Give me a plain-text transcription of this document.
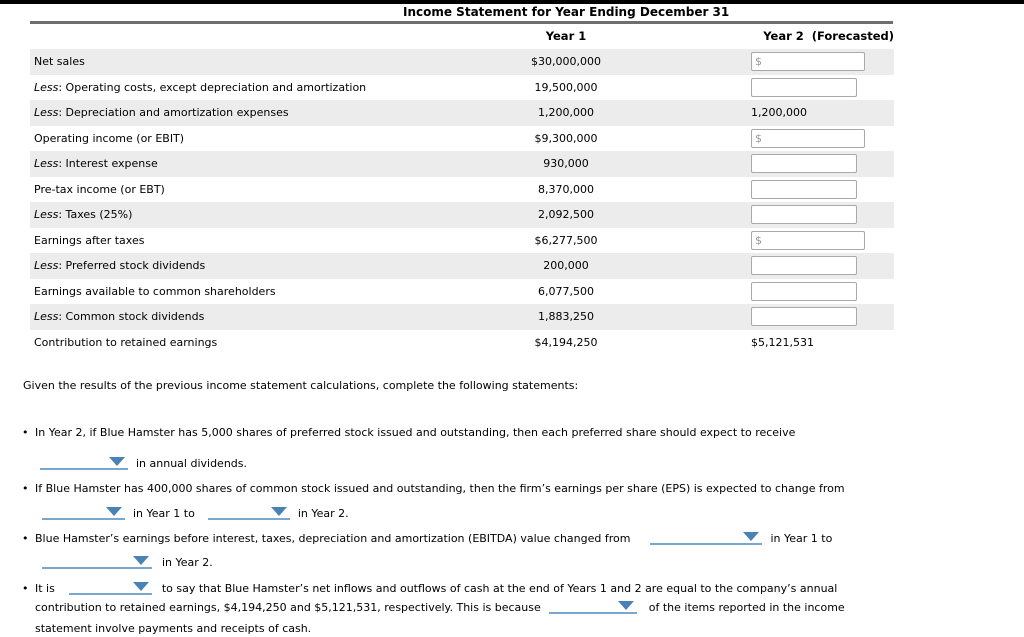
Income Statement for Year Ending December 31
Year 1	Year 2  (Forecasted)
Net sales	$30,000,000
$
Less: Operating costs, except depreciation and amortization	19,500,000
Less: Depreciation and amortization expenses	1,200,000	1,200,000
Operating income (or EBIT)	$9,300,000
$
Less: Interest expense	930,000
Pre-tax income (or EBT)	8,370,000
Less: Taxes (25%)	2,092,500
Earnings after taxes	$6,277,500
$
Less: Preferred stock dividends	200,000
Earnings available to common shareholders	6,077,500
Less: Common stock dividends	1,883,250
Contribution to retained earnings	$4,194,250	$5,121,531
Given the results of the previous income statement calculations, complete the following statements:
• In Year 2, if Blue Hamster has 5,000 shares of preferred stock issued and outstanding, then each preferred share should expect to receive
in annual dividends.
• If Blue Hamster has 400,000 shares of common stock issued and outstanding, then the firm’s earnings per share (EPS) is expected to change from
in Year 1 to	in Year 2.
• Blue Hamster’s earnings before interest, taxes, depreciation and amortization (EBITDA) value changed from	in Year 1 to
in Year 2.
• It is	to say that Blue Hamster’s net inflows and outflows of cash at the end of Years 1 and 2 are equal to the company’s annual
contribution to retained earnings, $4,194,250 and $5,121,531, respectively. This is because	of the items reported in the income
statement involve payments and receipts of cash.
